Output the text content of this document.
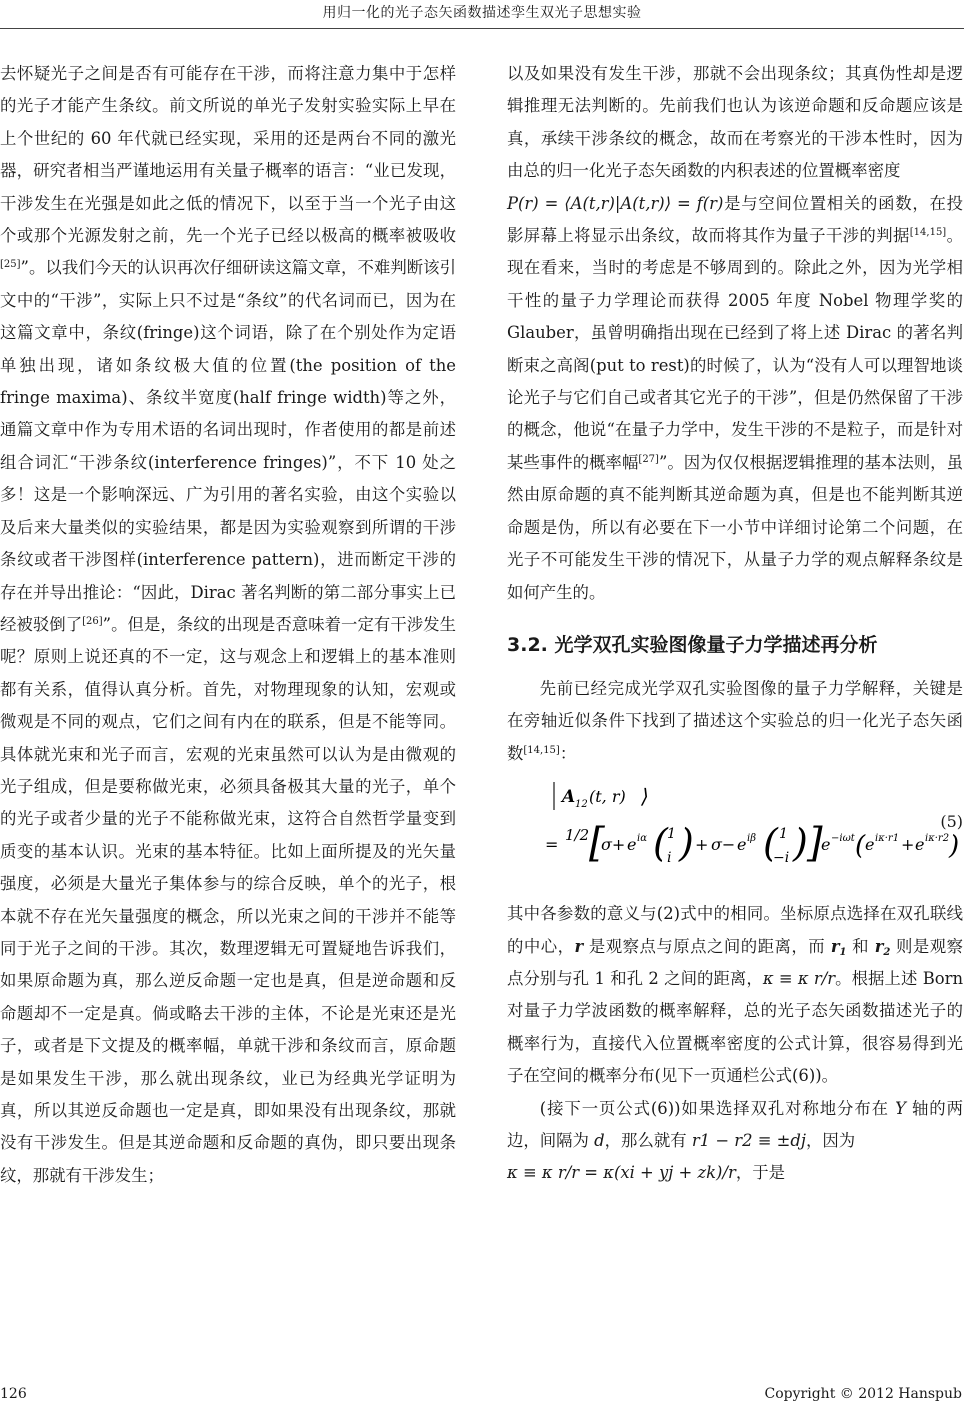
用归一化的光子态矢函数描述孪生双光子思想实验

去怀疑光子之间是否有可能存在干涉，而将注意力集中于怎样的光子才能产生条纹。前文所说的单光子发射实验实际上早在上个世纪的 60 年代就已经实现，采用的还是两台不同的激光器，研究者相当严谨地运用有关量子概率的语言：“业已发现，干涉发生在光强是如此之低的情况下，以至于当一个光子由这个或那个光源发射之前，先一个光子已经以极高的概率被吸收[25]”。以我们今天的认识再次仔细研读这篇文章，不难判断该引文中的“干涉”，实际上只不过是“条纹”的代名词而已，因为在这篇文章中，条纹(fringe)这个词语，除了在个别处作为定语单独出现，诸如条纹极大值的位置(the position of the fringe maxima)、条纹半宽度(half fringe width)等之外，通篇文章中作为专用术语的名词出现时，作者使用的都是前述组合词汇“干涉条纹(interference fringes)”，不下 10 处之多！这是一个影响深远、广为引用的著名实验，由这个实验以及后来大量类似的实验结果，都是因为实验观察到所谓的干涉条纹或者干涉图样(interference pattern)，进而断定干涉的存在并导出推论：“因此，Dirac 著名判断的第二部分事实上已经被驳倒了[26]”。但是，条纹的出现是否意味着一定有干涉发生呢？原则上说还真的不一定，这与观念上和逻辑上的基本准则都有关系，值得认真分析。首先，对物理现象的认知，宏观或微观是不同的观点，它们之间有内在的联系，但是不能等同。具体就光束和光子而言，宏观的光束虽然可以认为是由微观的光子组成，但是要称做光束，必须具备极其大量的光子，单个的光子或者少量的光子不能称做光束，这符合自然哲学量变到质变的基本认识。光束的基本特征。比如上面所提及的光矢量强度，必须是大量光子集体参与的综合反映，单个的光子，根本就不存在光矢量强度的概念，所以光束之间的干涉并不能等同于光子之间的干涉。其次，数理逻辑无可置疑地告诉我们，如果原命题为真，那么逆反命题一定也是真，但是逆命题和反命题却不一定是真。倘或略去干涉的主体，不论是光束还是光子，或者是下文提及的概率幅，单就干涉和条纹而言，原命题是如果发生干涉，那么就出现条纹，业已为经典光学证明为真，所以其逆反命题也一定是真，即如果没有出现条纹，那就没有干涉发生。但是其逆命题和反命题的真伪，即只要出现条纹，那就有干涉发生；

以及如果没有发生干涉，那就不会出现条纹；其真伪性却是逻辑推理无法判断的。先前我们也认为该逆命题和反命题应该是真，承续干涉条纹的概念，故而在考察光的干涉本性时，因为由总的归一化光子态矢函数的内积表述的位置概率密度

P(r) = ⟨A(t,r)|A(t,r)⟩ = f(r)是与空间位置相关的函数，在投影屏幕上将显示出条纹，故而将其作为量子干涉的判据[14,15]。现在看来，当时的考虑是不够周到的。除此之外，因为光学相干性的量子力学理论而获得 2005 年度 Nobel 物理学奖的 Glauber，虽曾明确指出现在已经到了将上述 Dirac 的著名判断束之高阁(put to rest)的时候了，认为“没有人可以理智地谈论光子与它们自己或者其它光子的干涉”，但是仍然保留了干涉的概念，他说“在量子力学中，发生干涉的不是粒子，而是针对某些事件的概率幅[27]”。因为仅仅根据逻辑推理的基本法则，虽然由原命题的真不能判断其逆命题为真，但是也不能判断其逆命题是伪，所以有必要在下一小节中详细讨论第二个问题，在光子不可能发生干涉的情况下，从量子力学的观点解释条纹是如何产生的。

3.2. 光学双孔实验图像量子力学描述再分析

先前已经完成光学双孔实验图像的量子力学解释，关键是在旁轴近似条件下找到了描述这个实验总的归一化光子态矢函数[14,15]：

A 12 (t, r) ⟩
= 1/2 [
σ+ e iα ( 1
i ) + σ− e iβ ( 1
−i ) ]
e −iωt ( e iκ·r1 + e iκ·r2 )
(5)

其中各参数的意义与(2)式中的相同。坐标原点选择在双孔联线的中心，r 是观察点与原点之间的距离，而 $r_1$ 和 $r_2$ 则是观察点分别与孔 1 和孔 2 之间的距离，κ ≡ κ r/r。根据上述 Born 对量子力学波函数的概率解释，总的光子态矢函数描述光子的概率行为，直接代入位置概率密度的公式计算，很容易得到光子在空间的概率分布(见下一页通栏公式(6))。

(接下一页公式(6))如果选择双孔对称地分布在 Y 轴的两边，间隔为 d，那么就有 r1 − r2 ≡ ±dj，因为
κ ≡ κ r/r = κ(xi + yj + zk)/r，于是

126	Copyright © 2012 Hanspub
